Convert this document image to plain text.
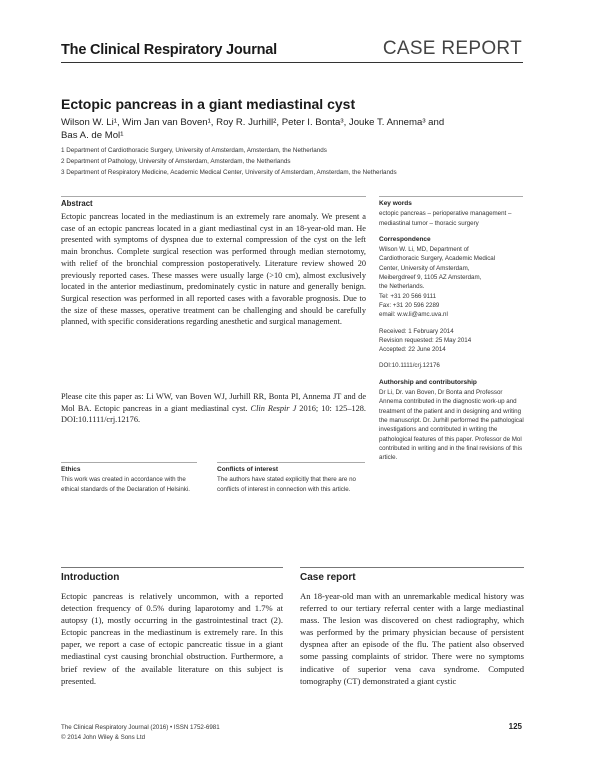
The Clinical Respiratory Journal	CASE REPORT
Ectopic pancreas in a giant mediastinal cyst
Wilson W. Li¹, Wim Jan van Boven¹, Roy R. Jurhill², Peter I. Bonta³, Jouke T. Annema³ and
Bas A. de Mol¹
1 Department of Cardiothoracic Surgery, University of Amsterdam, Amsterdam, the Netherlands
2 Department of Pathology, University of Amsterdam, Amsterdam, the Netherlands
3 Department of Respiratory Medicine, Academic Medical Center, University of Amsterdam, Amsterdam, the Netherlands
Abstract
Ectopic pancreas located in the mediastinum is an extremely rare anomaly. We present a case of an ectopic pancreas located in a giant mediastinal cyst in an 18-year-old man. He presented with symptoms of dyspnea due to external compression of the cyst on the left main bronchus. Complete surgical resection was performed through median sternotomy, with relief of the bronchial compression postoperatively. Literature review showed 20 previously reported cases. These masses were usually large (>10 cm), almost exclusively located in the anterior mediastinum, predominately cystic in nature and generally benign. Surgical resection was performed in all reported cases with a favorable prognosis. Due to the size of these masses, operative treatment can be challenging and should be carefully planned, with specific considerations regarding anesthetic and surgical management.
Please cite this paper as: Li WW, van Boven WJ, Jurhill RR, Bonta PI, Annema JT and de Mol BA. Ectopic pancreas in a giant mediastinal cyst. Clin Respir J 2016; 10: 125–128. DOI:10.1111/crj.12176.
Key words
ectopic pancreas – perioperative management – mediastinal tumor – thoracic surgery
Correspondence
Wilson W. Li, MD, Department of
Cardiothoracic Surgery, Academic Medical
Center, University of Amsterdam,
Meibergdreef 9, 1105 AZ Amsterdam,
the Netherlands.
Tel: +31 20 566 9111
Fax: +31 20 596 2289
email: w.w.li@amc.uva.nl
Received: 1 February 2014
Revision requested: 25 May 2014
Accepted: 22 June 2014
DOI:10.1111/crj.12176
Authorship and contributorship
Dr Li, Dr. van Boven, Dr Bonta and Professor Annema contributed in the diagnostic work-up and treatment of the patient and in designing and writing the manuscript. Dr. Jurhill performed the pathological investigations and contributed in writing the pathological features of this paper. Professor de Mol contributed in writing and in the final revisions of this article.
Ethics
This work was created in accordance with the ethical standards of the Declaration of Helsinki.
Conflicts of interest
The authors have stated explicitly that there are no conflicts of interest in connection with this article.
Introduction
Ectopic pancreas is relatively uncommon, with a reported detection frequency of 0.5% during laparotomy and 1.7% at autopsy (1), mostly occurring in the gastrointestinal tract (2). Ectopic pancreas in the mediastinum is extremely rare. In this paper, we report a case of ectopic pancreatic tissue in a giant mediastinal cyst causing bronchial obstruction. Furthermore, a brief review of the available literature on this subject is presented.
Case report
An 18-year-old man with an unremarkable medical history was referred to our tertiary referral center with a large mediastinal mass. The lesion was discovered on chest radiography, which was performed by the primary physician because of persistent dyspnea after an episode of the flu. The patient also observed some passing complaints of stridor. There were no symptoms indicative of superior vena cava syndrome. Computed tomography (CT) demonstrated a giant cystic
The Clinical Respiratory Journal (2016) • ISSN 1752-6981
© 2014 John Wiley & Sons Ltd
125
